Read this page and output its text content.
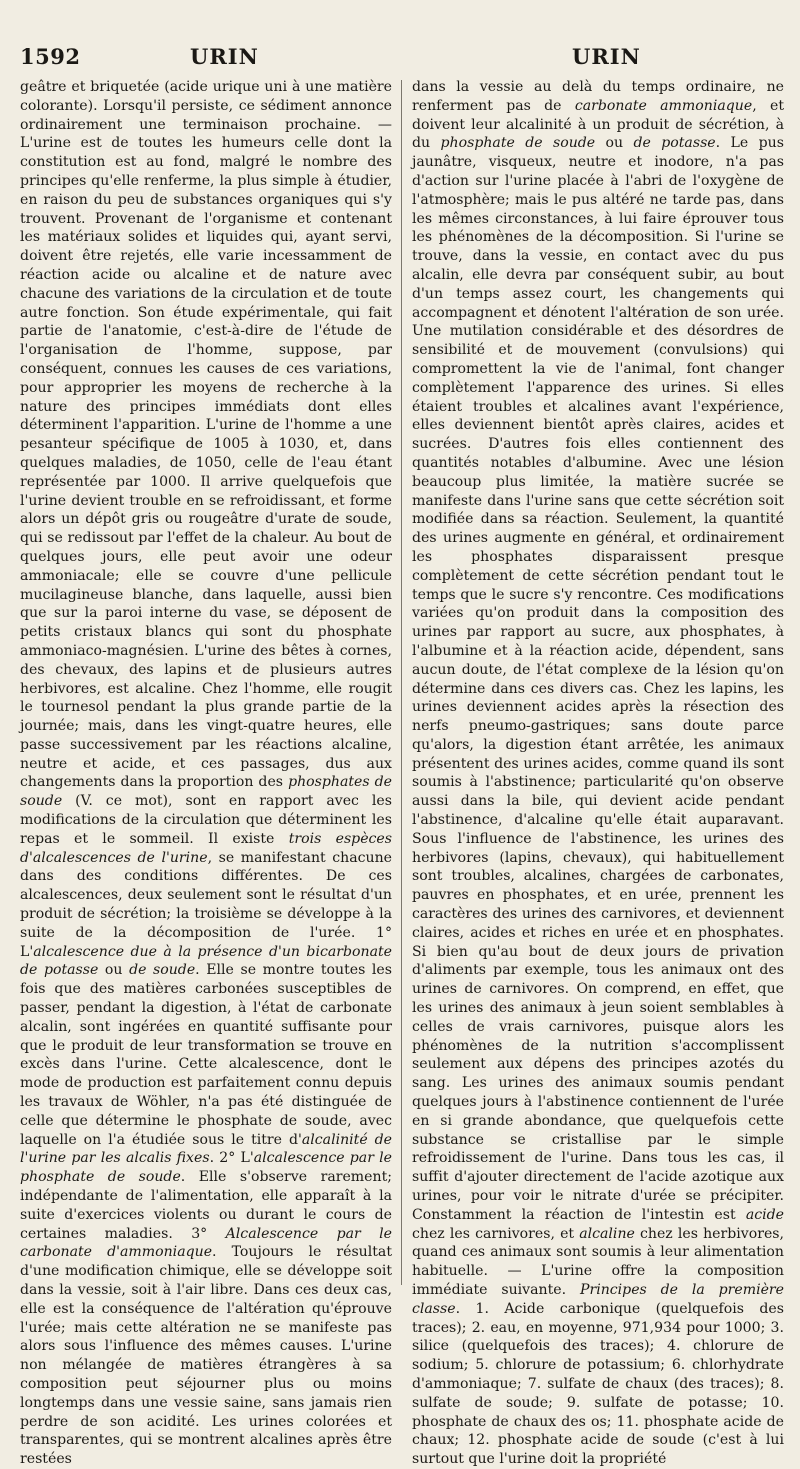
1592	URIN	URIN

geâtre et briquetée (acide urique uni à une matière colorante). Lorsqu'il persiste, ce sédiment annonce ordinairement une terminaison prochaine. — L'urine est de toutes les humeurs celle dont la constitution est au fond, malgré le nombre des principes qu'elle renferme, la plus simple à étudier, en raison du peu de substances organiques qui s'y trouvent. Provenant de l'organisme et contenant les matériaux solides et liquides qui, ayant servi, doivent être rejetés, elle varie incessamment de réaction acide ou alcaline et de nature avec chacune des variations de la circulation et de toute autre fonction. Son étude expérimentale, qui fait partie de l'anatomie, c'est-à-dire de l'étude de l'organisation de l'homme, suppose, par conséquent, connues les causes de ces variations, pour approprier les moyens de recherche à la nature des principes immédiats dont elles déterminent l'apparition. L'urine de l'homme a une pesanteur spécifique de 1005 à 1030, et, dans quelques maladies, de 1050, celle de l'eau étant représentée par 1000. Il arrive quelquefois que l'urine devient trouble en se refroidissant, et forme alors un dépôt gris ou rougeâtre d'urate de soude, qui se redissout par l'effet de la chaleur. Au bout de quelques jours, elle peut avoir une odeur ammoniacale; elle se couvre d'une pellicule mucilagineuse blanche, dans laquelle, aussi bien que sur la paroi interne du vase, se déposent de petits cristaux blancs qui sont du phosphate ammoniaco-magnésien. L'urine des bêtes à cornes, des chevaux, des lapins et de plusieurs autres herbivores, est alcaline. Chez l'homme, elle rougit le tournesol pendant la plus grande partie de la journée; mais, dans les vingt-quatre heures, elle passe successivement par les réactions alcaline, neutre et acide, et ces passages, dus aux changements dans la proportion des phosphates de soude (V. ce mot), sont en rapport avec les modifications de la circulation que déterminent les repas et le sommeil. Il existe trois espèces d'alcalescences de l'urine, se manifestant chacune dans des conditions différentes. De ces alcalescences, deux seulement sont le résultat d'un produit de sécrétion; la troisième se développe à la suite de la décomposition de l'urée. 1° L'alcalescence due à la présence d'un bicarbonate de potasse ou de soude. Elle se montre toutes les fois que des matières carbonées susceptibles de passer, pendant la digestion, à l'état de carbonate alcalin, sont ingérées en quantité suffisante pour que le produit de leur transformation se trouve en excès dans l'urine. Cette alcalescence, dont le mode de production est parfaitement connu depuis les travaux de Wöhler, n'a pas été distinguée de celle que détermine le phosphate de soude, avec laquelle on l'a étudiée sous le titre d'alcalinité de l'urine par les alcalis fixes. 2° L'alcalescence par le phosphate de soude. Elle s'observe rarement; indépendante de l'alimentation, elle apparaît à la suite d'exercices violents ou durant le cours de certaines maladies. 3° Alcalescence par le carbonate d'ammoniaque. Toujours le résultat d'une modification chimique, elle se développe soit dans la vessie, soit à l'air libre. Dans ces deux cas, elle est la conséquence de l'altération qu'éprouve l'urée; mais cette altération ne se manifeste pas alors sous l'influence des mêmes causes. L'urine non mélangée de matières étrangères à sa composition peut séjourner plus ou moins longtemps dans une vessie saine, sans jamais rien perdre de son acidité. Les urines colorées et transparentes, qui se montrent alcalines après être restées

dans la vessie au delà du temps ordinaire, ne renferment pas de carbonate ammoniaque, et doivent leur alcalinité à un produit de sécrétion, à du phosphate de soude ou de potasse. Le pus jaunâtre, visqueux, neutre et inodore, n'a pas d'action sur l'urine placée à l'abri de l'oxygène de l'atmosphère; mais le pus altéré ne tarde pas, dans les mêmes circonstances, à lui faire éprouver tous les phénomènes de la décomposition. Si l'urine se trouve, dans la vessie, en contact avec du pus alcalin, elle devra par conséquent subir, au bout d'un temps assez court, les changements qui accompagnent et dénotent l'altération de son urée. Une mutilation considérable et des désordres de sensibilité et de mouvement (convulsions) qui compromettent la vie de l'animal, font changer complètement l'apparence des urines. Si elles étaient troubles et alcalines avant l'expérience, elles deviennent bientôt après claires, acides et sucrées. D'autres fois elles contiennent des quantités notables d'albumine. Avec une lésion beaucoup plus limitée, la matière sucrée se manifeste dans l'urine sans que cette sécrétion soit modifiée dans sa réaction. Seulement, la quantité des urines augmente en général, et ordinairement les phosphates disparaissent presque complètement de cette sécrétion pendant tout le temps que le sucre s'y rencontre. Ces modifications variées qu'on produit dans la composition des urines par rapport au sucre, aux phosphates, à l'albumine et à la réaction acide, dépendent, sans aucun doute, de l'état complexe de la lésion qu'on détermine dans ces divers cas. Chez les lapins, les urines deviennent acides après la résection des nerfs pneumo-gastriques; sans doute parce qu'alors, la digestion étant arrêtée, les animaux présentent des urines acides, comme quand ils sont soumis à l'abstinence; particularité qu'on observe aussi dans la bile, qui devient acide pendant l'abstinence, d'alcaline qu'elle était auparavant. Sous l'influence de l'abstinence, les urines des herbivores (lapins, chevaux), qui habituellement sont troubles, alcalines, chargées de carbonates, pauvres en phosphates, et en urée, prennent les caractères des urines des carnivores, et deviennent claires, acides et riches en urée et en phosphates. Si bien qu'au bout de deux jours de privation d'aliments par exemple, tous les animaux ont des urines de carnivores. On comprend, en effet, que les urines des animaux à jeun soient semblables à celles de vrais carnivores, puisque alors les phénomènes de la nutrition s'accomplissent seulement aux dépens des principes azotés du sang. Les urines des animaux soumis pendant quelques jours à l'abstinence contiennent de l'urée en si grande abondance, que quelquefois cette substance se cristallise par le simple refroidissement de l'urine. Dans tous les cas, il suffit d'ajouter directement de l'acide azotique aux urines, pour voir le nitrate d'urée se précipiter. Constamment la réaction de l'intestin est acide chez les carnivores, et alcaline chez les herbivores, quand ces animaux sont soumis à leur alimentation habituelle. — L'urine offre la composition immédiate suivante. Principes de la première classe. 1. Acide carbonique (quelquefois des traces); 2. eau, en moyenne, 971,934 pour 1000; 3. silice (quelquefois des traces); 4. chlorure de sodium; 5. chlorure de potassium; 6. chlorhydrate d'ammoniaque; 7. sulfate de chaux (des traces); 8. sulfate de soude; 9. sulfate de potasse; 10. phosphate de chaux des os; 11. phosphate acide de chaux; 12. phosphate acide de soude (c'est à lui surtout que l'urine doit la propriété
